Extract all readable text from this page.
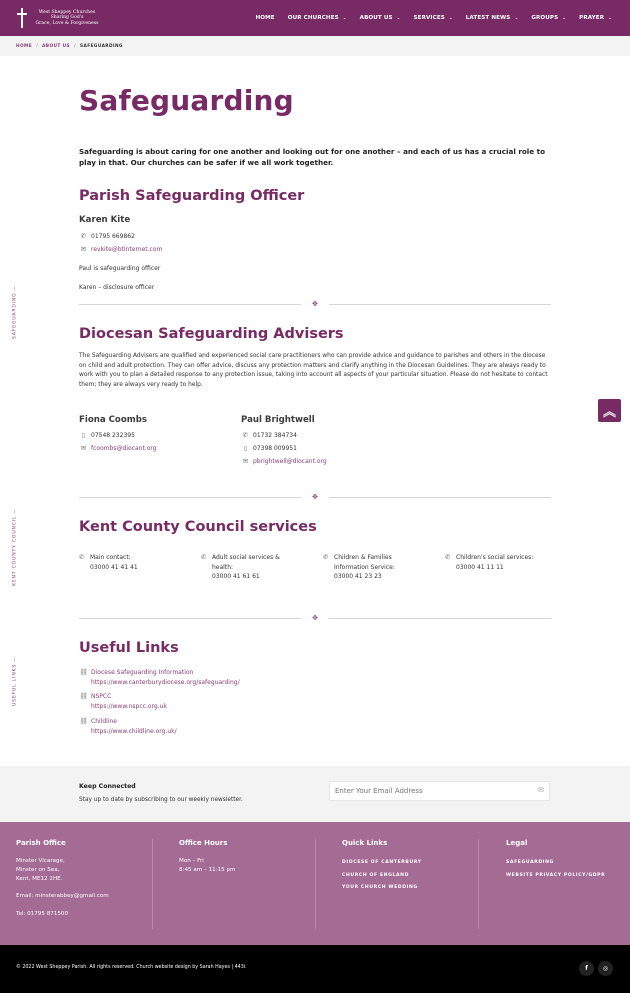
West Sheppey Churches
Sharing God's
Grace, Love & Forgiveness
HOME OUR CHURCHES ⌄ ABOUT US ⌄ SERVICES ⌄ LATEST NEWS ⌄ GROUPS ⌄ PRAYER ⌄
HOME / ABOUT US / SAFEGUARDING
SAFEGUARDING
—
KENT COUNTY COUNCIL
—
USEFUL LINKS
—
Safeguarding

Safeguarding is about caring for one another and looking out for one another – and each of us has a crucial role to play in that. Our churches can be safer if we all work together.

Parish Safeguarding Officer
Karen Kite
✆ 01795 669862
✉ revkite@btinternet.com
Paul is safeguarding officer
Karen – disclosure officer
✥
Diocesan Safeguarding Advisers

The Safeguarding Advisers are qualified and experienced social care practitioners who can provide advice and guidance to parishes and others in the diocese on child and adult protection. They can offer advice, discuss any protection matters and clarify anything in the Diocesan Guidelines. They are always ready to work with you to plan a detailed response to any protection issue, taking into account all aspects of your particular situation. Please do not hesitate to contact them; they are always very ready to help.

Fiona Coombs
▯ 07548 232395
✉ fcoombs@diocant.org
Paul Brightwell
✆ 01732 384734
▯ 07398 009951
✉ pbrightwell@diocant.org
✥
Kent County Council services
✆ Main contact:
03000 41 41 41
✆ Adult social services &
health:
03000 41 61 61
✆ Children & Families
Information Service:
03000 41 23 23
✆ Children's social services:
03000 41 11 11
✥
Useful Links
⛓ Diocese Safeguarding Information
https://www.canterburydiocese.org/safeguarding/
⛓ NSPCC
https://www.nspcc.org.uk
⛓ Childline
https://www.childline.org.uk/
︽
Keep Connected
Stay up to date by subscribing to our weekly newsletter.
Enter Your Email Address
✉
Parish Office
Minster Vicarage,
Minster on Sea,
Kent, ME12 2HE.
Email: minsterabbey@gmail.com
Tel: 01795 871500
Office Hours
Mon – Fri
8:45 am – 11:15 pm
Quick Links
DIOCESE OF CANTERBURY
CHURCH OF ENGLAND
YOUR CHURCH WEDDING
Legal
SAFEGUARDING
WEBSITE PRIVACY POLICY/GDPR
© 2022 West Sheppey Parish. All rights reserved. Church website design by Sarah Hayes | 443i.	f	◎
